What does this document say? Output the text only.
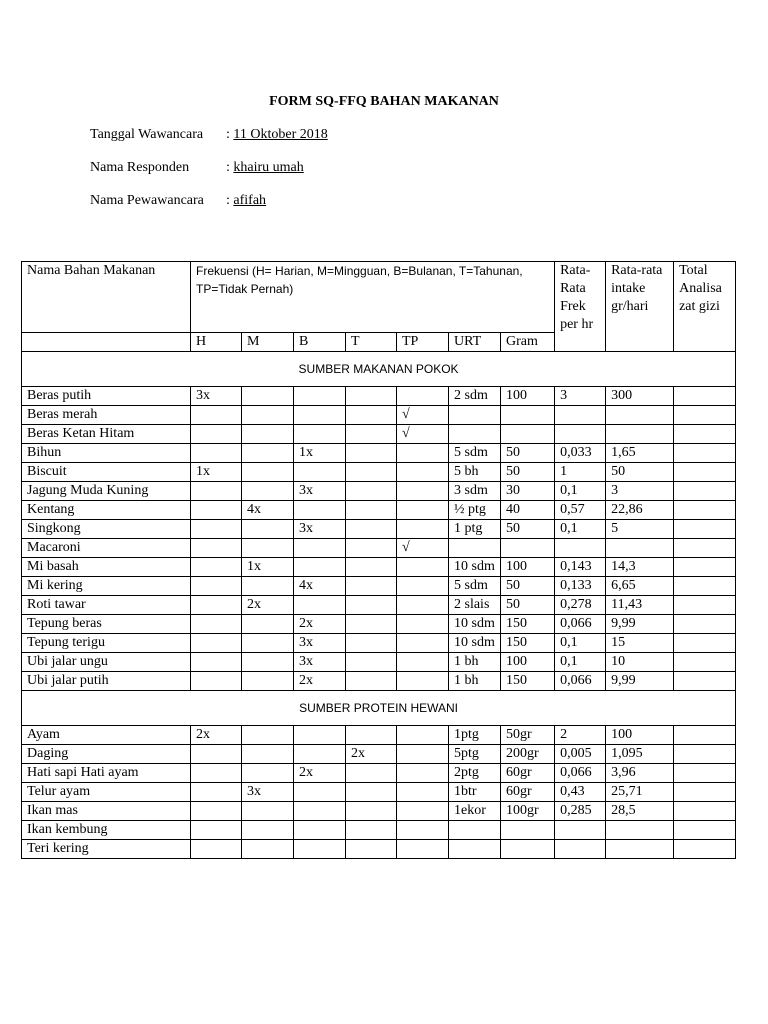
FORM SQ-FFQ BAHAN MAKANAN
Tanggal Wawancara : 11 Oktober 2018
Nama Responden	: khairu umah
Nama Pewawancara : afifah
Nama Bahan Makanan	Frekuensi (H= Harian, M=Mingguan, B=Bulanan, T=Tahunan, TP=Tidak Pernah)							Rata-Rata Frek per hr	Rata-rata intake gr/hari	Total Analisa zat gizi
	H	M	B	T	TP	URT	Gram			
SUMBER MAKANAN POKOK										
Beras putih	3x					2 sdm	100	3	300	
Beras merah					√					
Beras Ketan Hitam					√					
Bihun			1x			5 sdm	50	0,033	1,65	
Biscuit	1x					5 bh	50	1	50	
Jagung Muda Kuning			3x			3 sdm	30	0,1	3	
Kentang		4x				½ ptg	40	0,57	22,86	
Singkong			3x			1 ptg	50	0,1	5	
Macaroni					√					
Mi basah		1x				10 sdm	100	0,143	14,3	
Mi kering			4x			5 sdm	50	0,133	6,65	
Roti tawar		2x				2 slais	50	0,278	11,43	
Tepung beras			2x			10 sdm	150	0,066	9,99	
Tepung terigu			3x			10 sdm	150	0,1	15	
Ubi jalar ungu			3x			1 bh	100	0,1	10	
Ubi jalar putih			2x			1 bh	150	0,066	9,99	
SUMBER PROTEIN HEWANI										
Ayam	2x					1ptg	50gr	2	100	
Daging				2x		5ptg	200gr	0,005	1,095	
Hati sapi Hati ayam			2x			2ptg	60gr	0,066	3,96	
Telur ayam		3x				1btr	60gr	0,43	25,71	
Ikan mas						1ekor	100gr	0,285	28,5	
Ikan kembung										
Teri kering										
